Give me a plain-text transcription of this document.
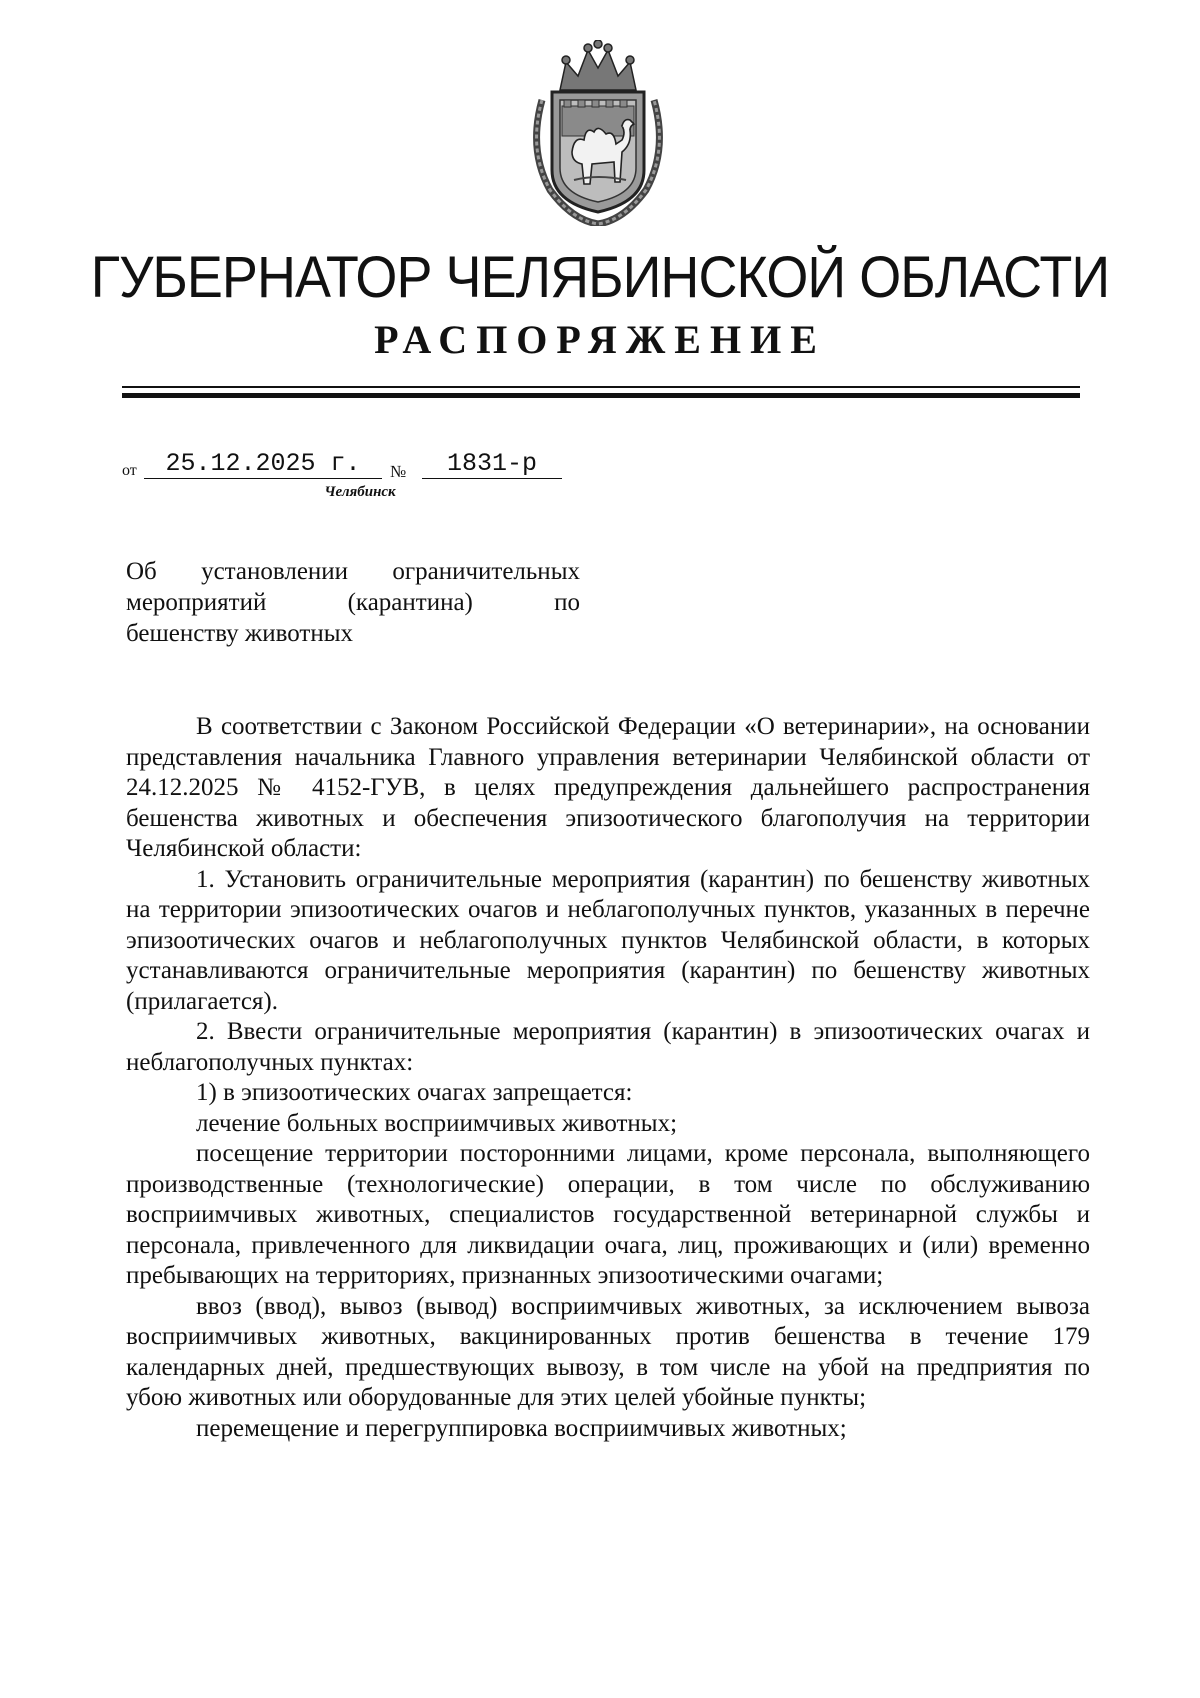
ГУБЕРНАТОР ЧЕЛЯБИНСКОЙ ОБЛАСТИ
РАСПОРЯЖЕНИЕ
от	25.12.2025 г.	№	1831-р
Челябинск
Об установлении ограничительных
мероприятий (карантина) по
бешенству животных

В соответствии с Законом Российской Федерации «О ветеринарии», на основании представления начальника Главного управления ветеринарии Челябинской области от 24.12.2025 № 4152-ГУВ, в целях предупреждения дальнейшего распространения бешенства животных и обеспечения эпизоотического благополучия на территории Челябинской области:

1. Установить ограничительные мероприятия (карантин) по бешенству животных на территории эпизоотических очагов и неблагополучных пунктов, указанных в перечне эпизоотических очагов и неблагополучных пунктов Челябинской области, в которых устанавливаются ограничительные мероприятия (карантин) по бешенству животных (прилагается).

2. Ввести ограничительные мероприятия (карантин) в эпизоотических очагах и неблагополучных пунктах:

1) в эпизоотических очагах запрещается:

лечение больных восприимчивых животных;

посещение территории посторонними лицами, кроме персонала, выполняющего производственные (технологические) операции, в том числе по обслуживанию восприимчивых животных, специалистов государственной ветеринарной службы и персонала, привлеченного для ликвидации очага, лиц, проживающих и (или) временно пребывающих на территориях, признанных эпизоотическими очагами;

ввоз (ввод), вывоз (вывод) восприимчивых животных, за исключением вывоза восприимчивых животных, вакцинированных против бешенства в течение 179 календарных дней, предшествующих вывозу, в том числе на убой на предприятия по убою животных или оборудованные для этих целей убойные пункты;

перемещение и перегруппировка восприимчивых животных;
